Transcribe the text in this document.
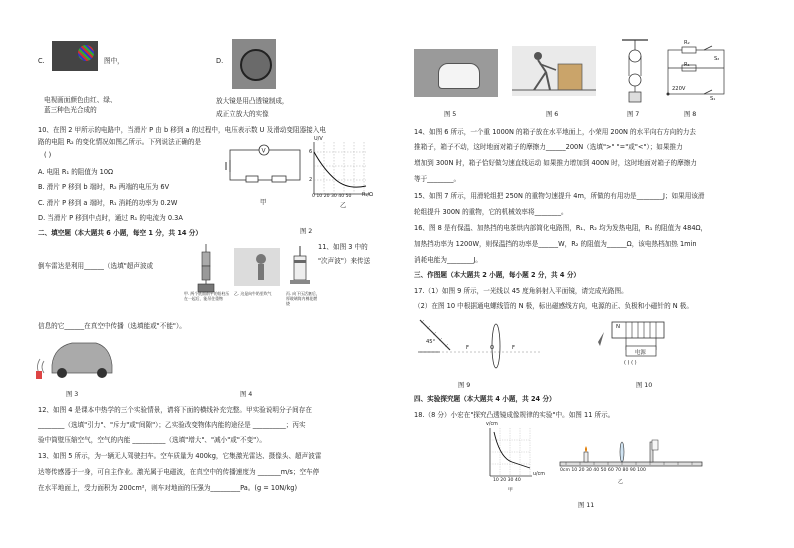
C.	图中，	D.
电视画面颜色由红、绿、
蓝三种色光合成的
放大镜是用凸透镜制成，
成正立放大的实像
10、在图 2 甲所示的电路中，当滑片 P 由 b 移到 a 的过程中，电压表示数 U 及滑动变阻器接入电
路的电阻 R₂ 的变化情况如图乙所示。下列说法正确的是
( )
A. 电阻 R₁ 的阻值为 10Ω
B. 滑片 P 移到 b 端时，R₂ 两端的电压为 6V
C. 滑片 P 移到 a 端时，R₁ 消耗的功率为 0.2W
D. 当滑片 P 移到中点时，通过 R₁ 的电流为 0.3A
V
甲
U/V
R₂/Ω
6
2
0 10 20 30 40 50
乙
图 2
二、填空题（本大题共 6 小题，每空 1 分，共 14 分）
11、如图 3 中的
"次声波"）来传送
倒车雷达是利用______（选填"超声波或
甲. 两个底面削平的铅柱压在一起后，能吊住重物
乙. 这是向牛奶里吹气	丙. 向下压活塞后，厚玻璃筒内棉花燃烧
信息的它______在真空中传播（选填能或"不能"）。
图 3	图 4
12、如图 4 是课本中热学的三个实验情景，请将下面的横线补充完整。甲实验说明分子间存在
________（选填"引力"、"斥力"或"间隙"）；乙实验改变物体内能的途径是 __________；丙实
验中筒壁压缩空气，空气的内能 __________（选填"增大"、"减小"或"不变"）。
13、如图 5 所示，为一辆无人驾驶扫车。空车质量为 400kg，它集激光雷达、摄像头、超声波雷
达等传感器于一身，可自主作业。激光属于电磁波，在真空中的传播速度为 _______m/s；空车停
在水平地面上，受力面积为 200cm²，则车对地面的压强为_________Pa。(g = 10N/kg)
图 5	图 6	图 7
R₂
R₁
S₂
S₁
220V
图 8
14、如图 6 所示，一个重 1000N 的箱子放在水平地面上，小荣用 200N 的水平向右方向的力去
推箱子，箱子不动，这时地面对箱子的摩擦力______200N（选填">" "="或"<"）；如果推力
增加到 300N 时，箱子恰好做匀速直线运动 如果推力增加到 400N 时，这时地面对箱子的摩擦力
等于________。
15、如图 7 所示，用滑轮组把 250N 的重物匀速提升 4m，所做的有用功是________J；如果用该滑
轮组提升 300N 的重物，它的机械效率将________。
16、图 8 是有保温、加热挡的电茶烘内部简化电路图，R₁、R₂ 均为发热电阻，R₁ 的阻值为 484Ω，
加热挡功率为 1200W，则保温挡的功率是______W，R₂ 的阻值为______Ω，该电热档加热 1min
消耗电能为________J。
三、作图题（本大题共 2 小题，每小题 2 分，共 4 分）
17.（1）如图 9 所示，一光线以 45 度角斜射入平面镜，请完成光路图。
（2）在图 10 中根据通电螺线管的 N 极，标出磁感线方向，电源的正、负极和小磁针的 N 极。
45°
F	O	F
图 9
N
电源
( ) ( )
图 10
四、实验探究题（本大题共 4 小题，共 24 分）
18.（8 分）小宏在"探究凸透镜成像规律的实验"中。如图 11 所示。
v/cm
u/cm
10 20 30 40
甲
0cm 10 20 30 40 50 60 70 80 90 100
乙
图 11
